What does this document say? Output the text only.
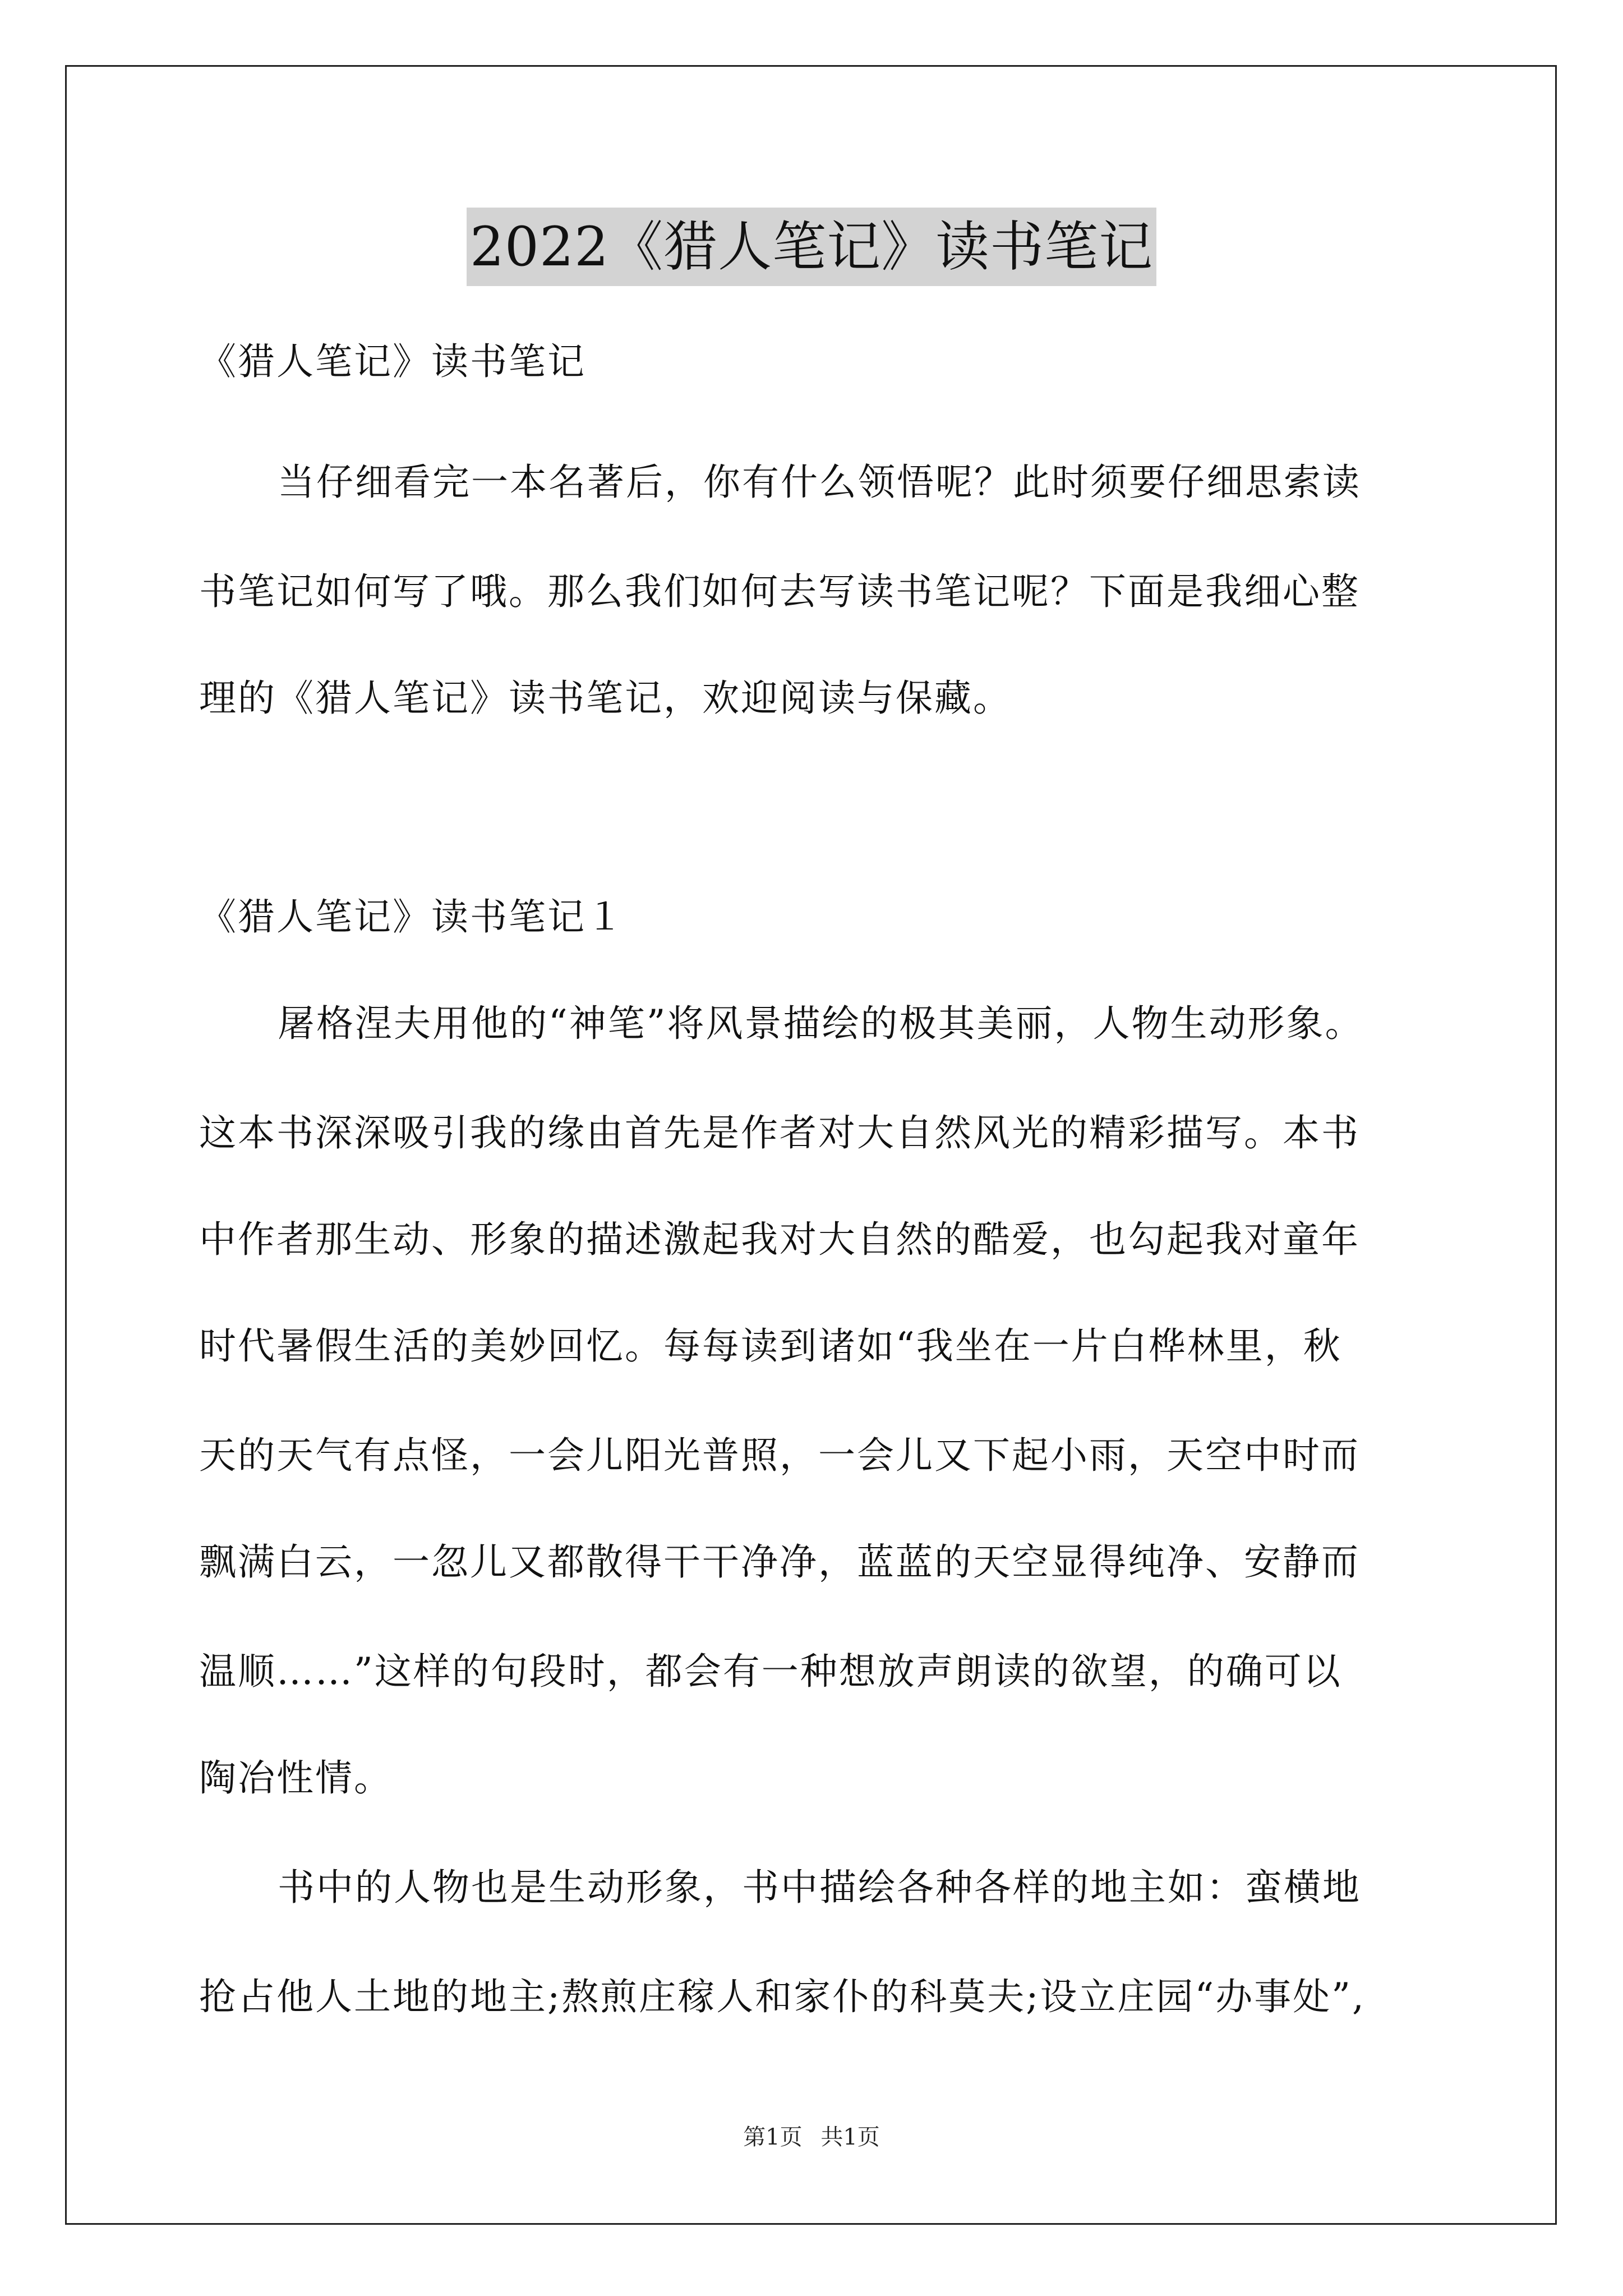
2022《猎人笔记》读书笔记
《猎人笔记》读书笔记
当仔细看完一本名著后，你有什么领悟呢？此时须要仔细思索读
书笔记如何写了哦。那么我们如何去写读书笔记呢？下面是我细心整
理的《猎人笔记》读书笔记，欢迎阅读与保藏。
《猎人笔记》读书笔记１
屠格涅夫用他的“神笔”将风景描绘的极其美丽，人物生动形象。
这本书深深吸引我的缘由首先是作者对大自然风光的精彩描写。本书
中作者那生动、形象的描述激起我对大自然的酷爱，也勾起我对童年
时代暑假生活的美妙回忆。每每读到诸如“我坐在一片白桦林里，秋
天的天气有点怪，一会儿阳光普照，一会儿又下起小雨，天空中时而
飘满白云，一忽儿又都散得干干净净，蓝蓝的天空显得纯净、安静而
温顺……”这样的句段时，都会有一种想放声朗读的欲望，的确可以
陶冶性情。
书中的人物也是生动形象，书中描绘各种各样的地主如：蛮横地
抢占他人土地的地主;熬煎庄稼人和家仆的科莫夫;设立庄园“办事处”,
第1页 共1页
